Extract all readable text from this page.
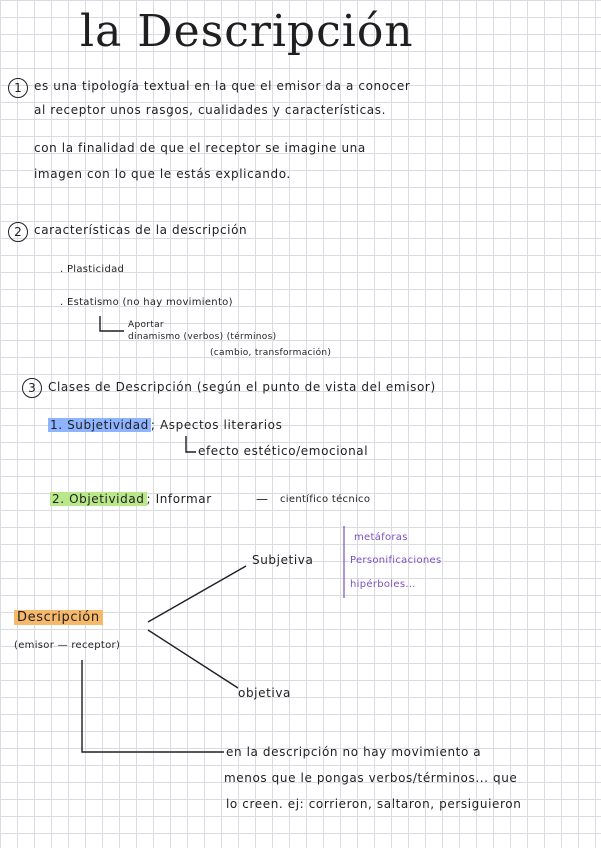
la Descripción
1	es una tipología textual en la que el emisor da a conocer
al receptor unos rasgos, cualidades y características.
con la finalidad de que el receptor se imagine una
imagen con lo que le estás explicando.
2	características de la descripción
. Plasticidad
. Estatismo (no hay movimiento)
Aportar
dinamismo (verbos) (términos)
(cambio, transformación)
3	Clases de Descripción (según el punto de vista del emisor)
1. Subjetividad ; Aspectos literarios
efecto estético/emocional
2. Objetividad ; Informar	— científico técnico
Descripción
(emisor — receptor)
Subjetiva
objetiva
metáforas
Personificaciones
hipérboles...
en la descripción no hay movimiento a
menos que le pongas verbos/términos... que
lo creen. ej: corrieron, saltaron, persiguieron
